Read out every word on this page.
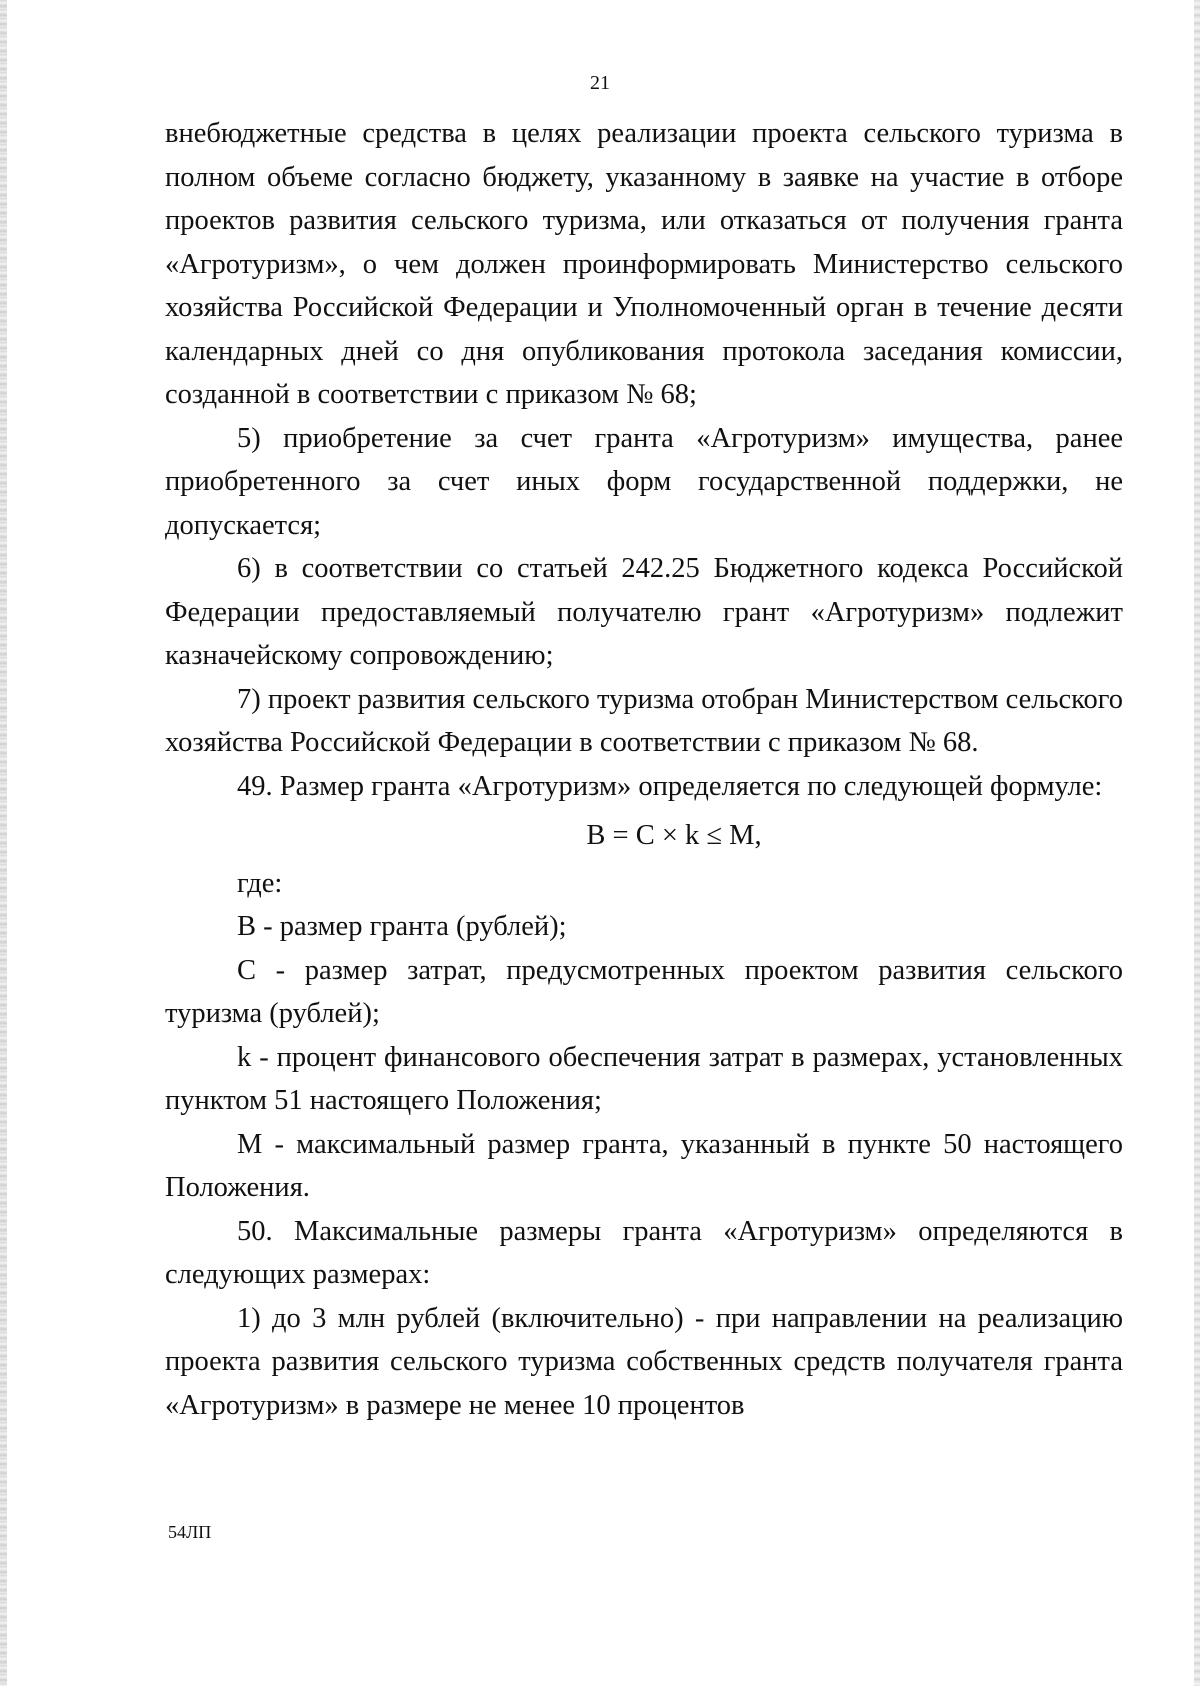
21

внебюджетные средства в целях реализации проекта сельского туризма в полном объеме согласно бюджету, указанному в заявке на участие в отборе проектов развития сельского туризма, или отказаться от получения гранта «Агротуризм», о чем должен проинформировать Министерство сельского хозяйства Российской Федерации и Уполномоченный орган в течение десяти календарных дней со дня опубликования протокола заседания комиссии, созданной в соответствии с приказом № 68;

5) приобретение за счет гранта «Агротуризм» имущества, ранее приобретенного за счет иных форм государственной поддержки, не допускается;

6) в соответствии со статьей 242.25 Бюджетного кодекса Российской Федерации предоставляемый получателю грант «Агротуризм» подлежит казначейскому сопровождению;

7) проект развития сельского туризма отобран Министерством сельского хозяйства Российской Федерации в соответствии с приказом № 68.

49. Размер гранта «Агротуризм» определяется по следующей формуле:

B = C × k ≤ M,

где:

B - размер гранта (рублей);

C - размер затрат, предусмотренных проектом развития сельского туризма (рублей);

k - процент финансового обеспечения затрат в размерах, установленных пунктом 51 настоящего Положения;

M - максимальный размер гранта, указанный в пункте 50 настоящего Положения.

50. Максимальные размеры гранта «Агротуризм» определяются в следующих размерах:

1) до 3 млн рублей (включительно) - при направлении на реализацию проекта развития сельского туризма собственных средств получателя гранта «Агротуризм» в размере не менее 10 процентов

54ЛП
